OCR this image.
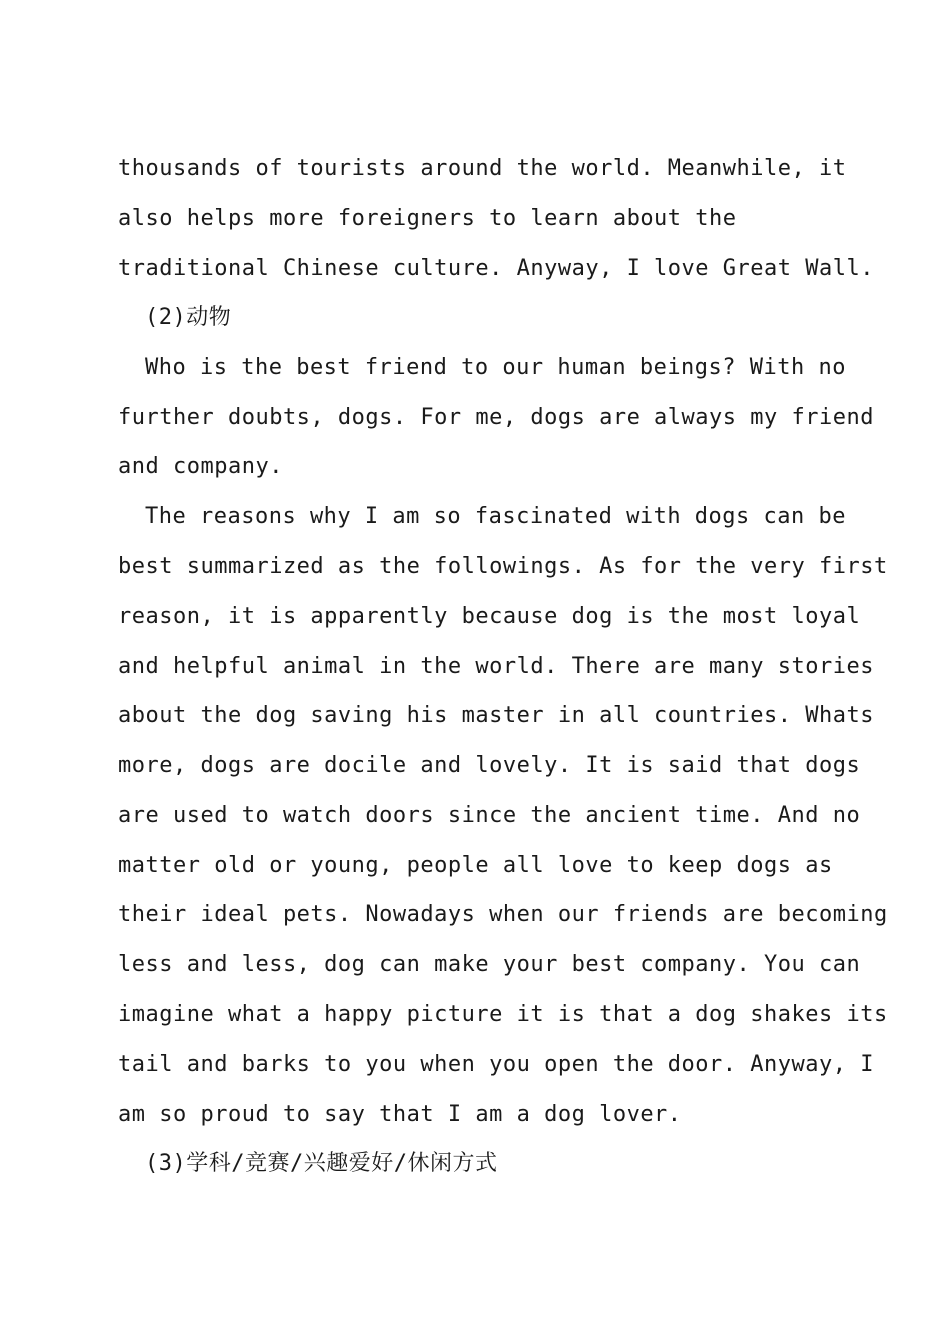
thousands of tourists around the world. Meanwhile, it
also helps more foreigners to learn about the
traditional Chinese culture. Anyway, I love Great Wall.
(2)动物
Who is the best friend to our human beings? With no
further doubts, dogs. For me, dogs are always my friend
and company.
The reasons why I am so fascinated with dogs can be
best summarized as the followings. As for the very first
reason, it is apparently because dog is the most loyal
and helpful animal in the world. There are many stories
about the dog saving his master in all countries. Whats
more, dogs are docile and lovely. It is said that dogs
are used to watch doors since the ancient time. And no
matter old or young, people all love to keep dogs as
their ideal pets. Nowadays when our friends are becoming
less and less, dog can make your best company. You can
imagine what a happy picture it is that a dog shakes its
tail and barks to you when you open the door. Anyway, I
am so proud to say that I am a dog lover.
(3)学科/竞赛/兴趣爱好/休闲方式
